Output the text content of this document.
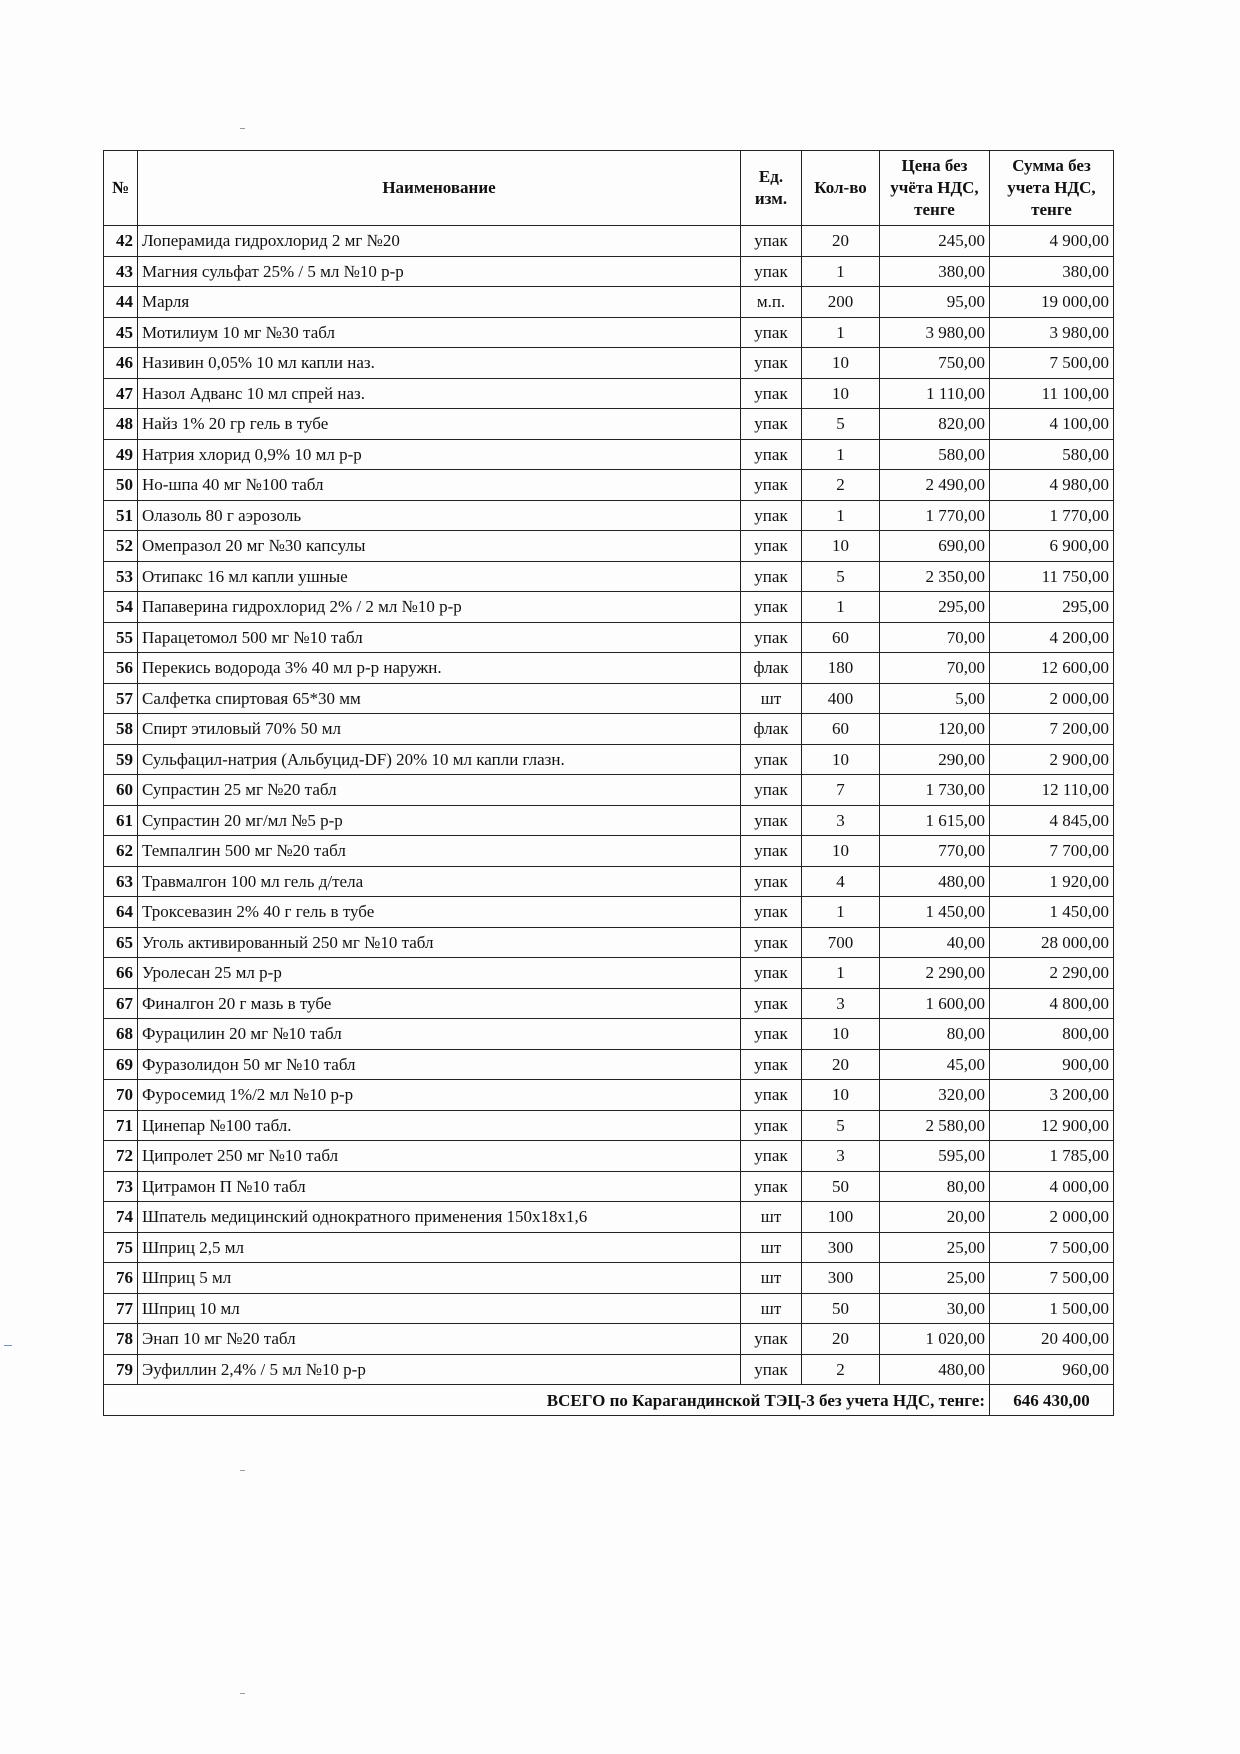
№	Наименование	Ед. изм.	Кол-во	Цена без учёта НДС, тенге	Сумма без учета НДС, тенге
42	Лоперамида гидрохлорид 2 мг №20	упак	20	245,00	4 900,00
43	Магния сульфат 25% / 5 мл №10 р-р	упак	1	380,00	380,00
44	Марля	м.п.	200	95,00	19 000,00
45	Мотилиум 10 мг №30 табл	упак	1	3 980,00	3 980,00
46	Називин 0,05% 10 мл капли наз.	упак	10	750,00	7 500,00
47	Назол Адванс 10 мл спрей наз.	упак	10	1 110,00	11 100,00
48	Найз 1% 20 гр гель в тубе	упак	5	820,00	4 100,00
49	Натрия хлорид 0,9% 10 мл р-р	упак	1	580,00	580,00
50	Но-шпа 40 мг №100 табл	упак	2	2 490,00	4 980,00
51	Олазоль 80 г аэрозоль	упак	1	1 770,00	1 770,00
52	Омепразол 20 мг №30 капсулы	упак	10	690,00	6 900,00
53	Отипакс 16 мл капли ушные	упак	5	2 350,00	11 750,00
54	Папаверина гидрохлорид 2% / 2 мл №10 р-р	упак	1	295,00	295,00
55	Парацетомол 500 мг №10 табл	упак	60	70,00	4 200,00
56	Перекись водорода 3% 40 мл р-р наружн.	флак	180	70,00	12 600,00
57	Салфетка спиртовая 65*30 мм	шт	400	5,00	2 000,00
58	Спирт этиловый 70% 50 мл	флак	60	120,00	7 200,00
59	Сульфацил-натрия (Альбуцид-DF) 20% 10 мл капли глазн.	упак	10	290,00	2 900,00
60	Супрастин 25 мг №20 табл	упак	7	1 730,00	12 110,00
61	Супрастин 20 мг/мл №5 р-р	упак	3	1 615,00	4 845,00
62	Темпалгин 500 мг №20 табл	упак	10	770,00	7 700,00
63	Травмалгон 100 мл гель д/тела	упак	4	480,00	1 920,00
64	Троксевазин 2% 40 г гель в тубе	упак	1	1 450,00	1 450,00
65	Уголь активированный 250 мг №10 табл	упак	700	40,00	28 000,00
66	Уролесан 25 мл р-р	упак	1	2 290,00	2 290,00
67	Финалгон 20 г мазь в тубе	упак	3	1 600,00	4 800,00
68	Фурацилин 20 мг №10 табл	упак	10	80,00	800,00
69	Фуразолидон 50 мг №10 табл	упак	20	45,00	900,00
70	Фуросемид 1%/2 мл №10 р-р	упак	10	320,00	3 200,00
71	Цинепар №100 табл.	упак	5	2 580,00	12 900,00
72	Ципролет 250 мг №10 табл	упак	3	595,00	1 785,00
73	Цитрамон П №10 табл	упак	50	80,00	4 000,00
74	Шпатель медицинский однократного применения 150x18x1,6	шт	100	20,00	2 000,00
75	Шприц 2,5 мл	шт	300	25,00	7 500,00
76	Шприц 5 мл	шт	300	25,00	7 500,00
77	Шприц 10 мл	шт	50	30,00	1 500,00
78	Энап 10 мг №20 табл	упак	20	1 020,00	20 400,00
79	Эуфиллин 2,4% / 5 мл №10 р-р	упак	2	480,00	960,00
ВСЕГО по Карагандинской ТЭЦ-3 без учета НДС, тенге:					646 430,00
